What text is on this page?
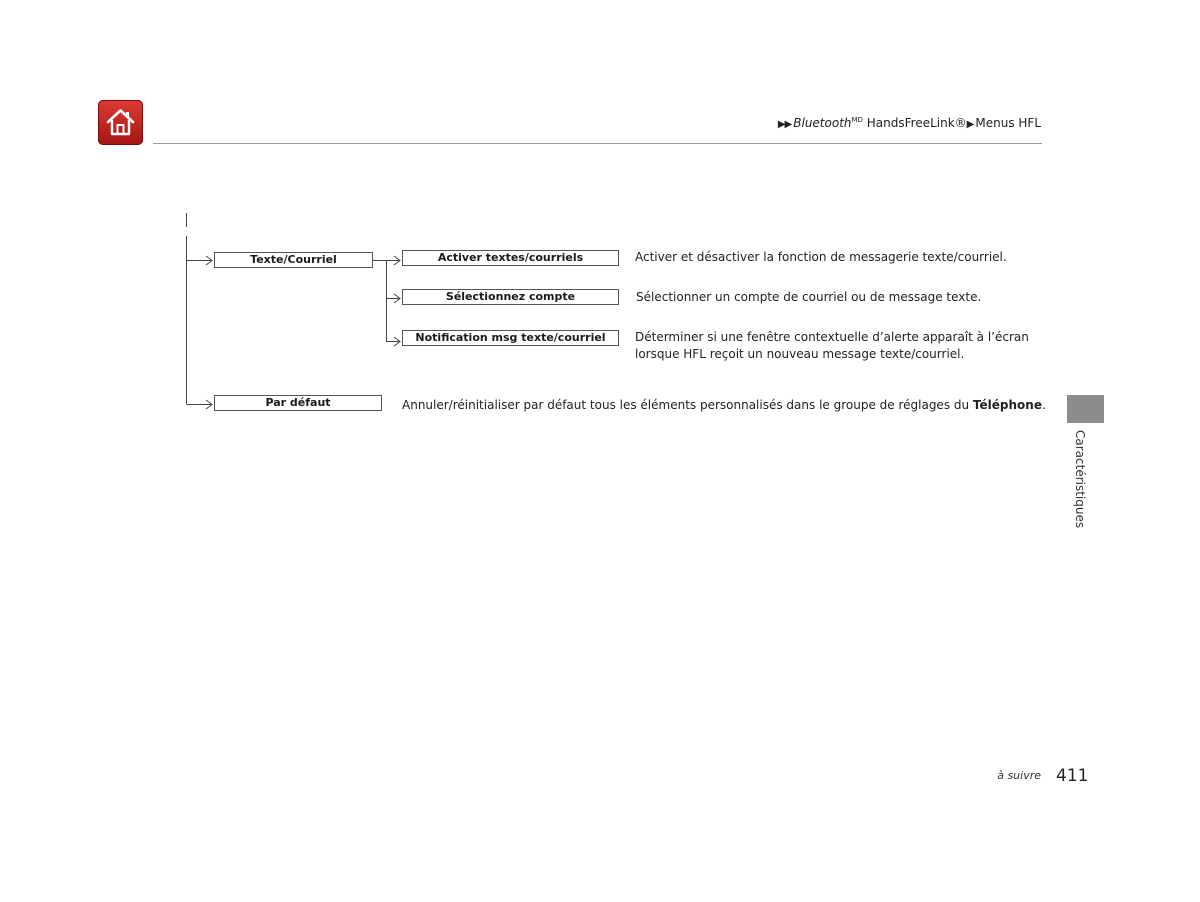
▶▶ Bluetooth$^{MD}$ HandsFreeLink®▶ Menus HFL
Texte/Courriel	Activer textes/courriels
Sélectionnez compte
Notification msg texte/courriel
Par défaut
Activer et désactiver la fonction de messagerie texte/courriel.
Sélectionner un compte de courriel ou de message texte.
Déterminer si une fenêtre contextuelle d’alerte apparaît à l’écran
lorsque HFL reçoit un nouveau message texte/courriel.
Annuler/réinitialiser par défaut tous les éléments personnalisés dans le groupe de réglages du Téléphone.
Caractéristiques
à suivre 411
